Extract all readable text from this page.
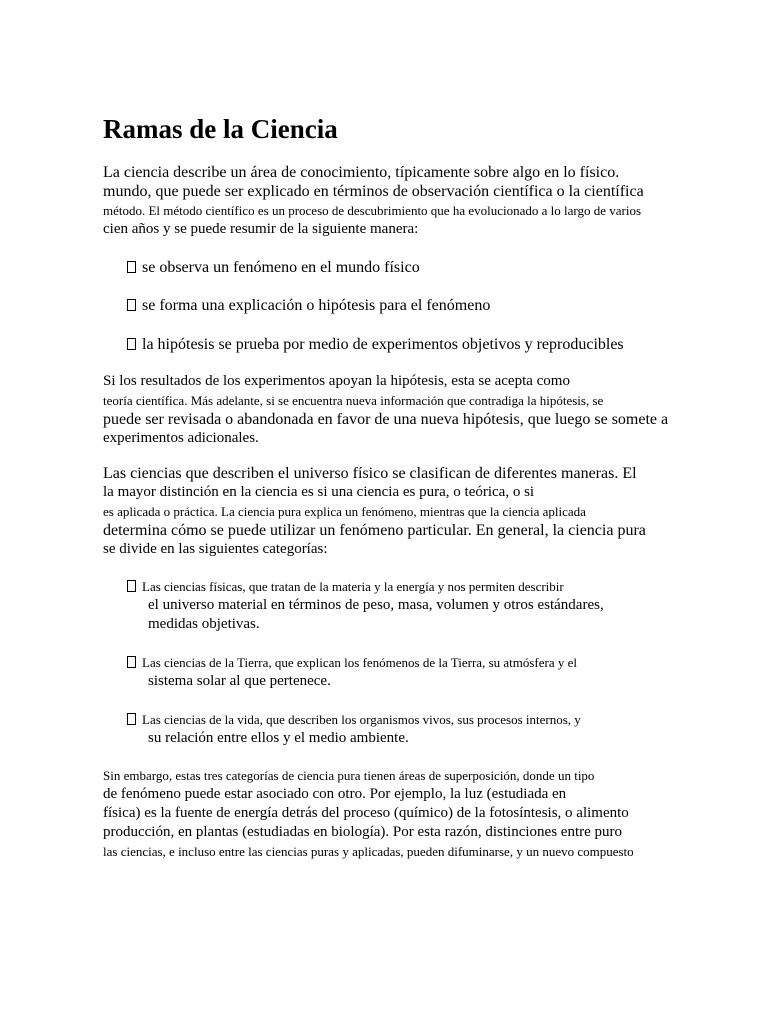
Ramas de la Ciencia
La ciencia describe un área de conocimiento, típicamente sobre algo en lo físico.
mundo, que puede ser explicado en términos de observación científica o la científica
método. El método científico es un proceso de descubrimiento que ha evolucionado a lo largo de varios
cien años y se puede resumir de la siguiente manera:
se observa un fenómeno en el mundo físico
se forma una explicación o hipótesis para el fenómeno
la hipótesis se prueba por medio de experimentos objetivos y reproducibles
Si los resultados de los experimentos apoyan la hipótesis, esta se acepta como
teoría científica. Más adelante, si se encuentra nueva información que contradiga la hipótesis, se
puede ser revisada o abandonada en favor de una nueva hipótesis, que luego se somete a
experimentos adicionales.
Las ciencias que describen el universo físico se clasifican de diferentes maneras. El
la mayor distinción en la ciencia es si una ciencia es pura, o teórica, o si
es aplicada o práctica. La ciencia pura explica un fenómeno, mientras que la ciencia aplicada
determina cómo se puede utilizar un fenómeno particular. En general, la ciencia pura
se divide en las siguientes categorías:
Las ciencias físicas, que tratan de la materia y la energía y nos permiten describir
el universo material en términos de peso, masa, volumen y otros estándares,
medidas objetivas.
Las ciencias de la Tierra, que explican los fenómenos de la Tierra, su atmósfera y el
sistema solar al que pertenece.
Las ciencias de la vida, que describen los organismos vivos, sus procesos internos, y
su relación entre ellos y el medio ambiente.
Sin embargo, estas tres categorías de ciencia pura tienen áreas de superposición, donde un tipo
de fenómeno puede estar asociado con otro. Por ejemplo, la luz (estudiada en
física) es la fuente de energía detrás del proceso (químico) de la fotosíntesis, o alimento
producción, en plantas (estudiadas en biología). Por esta razón, distinciones entre puro
las ciencias, e incluso entre las ciencias puras y aplicadas, pueden difuminarse, y un nuevo compuesto
